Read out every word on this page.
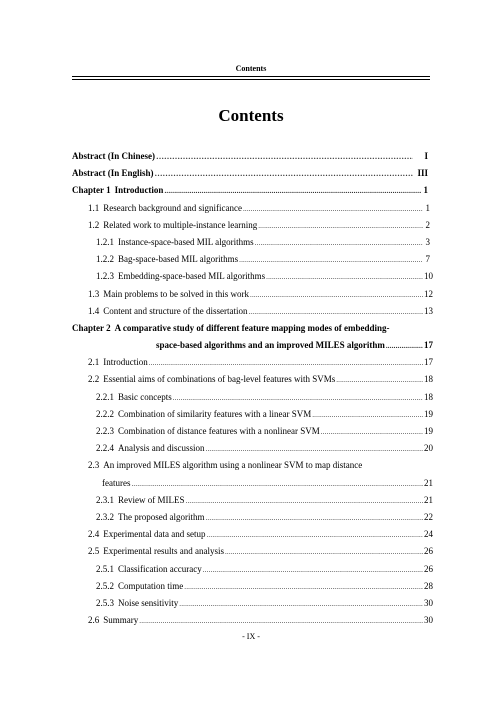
Contents
Contents
Abstract (In Chinese) …………………………………………………………………………………………………………………	I
Abstract (In English) …………………………………………………………………………………………………………………	III
Chapter 1 Introduction .....	1
1.1 Research background and significance .....	1
1.2 Related work to multiple-instance learning .....	2
1.2.1 Instance-space-based MIL algorithms .....	3
1.2.2 Bag-space-based MIL algorithms .....	7
1.2.3 Embedding-space-based MIL algorithms .....	10
1.3 Main problems to be solved in this work .....	12
1.4 Content and structure of the dissertation .....	13
Chapter 2 A comparative study of different feature mapping modes of embedding-
space-based algorithms and an improved MILES algorithm .....	17
2.1 Introduction .....	17
2.2 Essential aims of combinations of bag-level features with SVMs .....	18
2.2.1 Basic concepts .....	18
2.2.2 Combination of similarity features with a linear SVM .....	19
2.2.3 Combination of distance features with a nonlinear SVM .....	19
2.2.4 Analysis and discussion .....	20
2.3 An improved MILES algorithm using a nonlinear SVM to map distance
features .....	21
2.3.1 Review of MILES .....	21
2.3.2 The proposed algorithm .....	22
2.4 Experimental data and setup .....	24
2.5 Experimental results and analysis .....	26
2.5.1 Classification accuracy .....	26
2.5.2 Computation time .....	28
2.5.3 Noise sensitivity .....	30
2.6 Summary .....	30
- IX -
